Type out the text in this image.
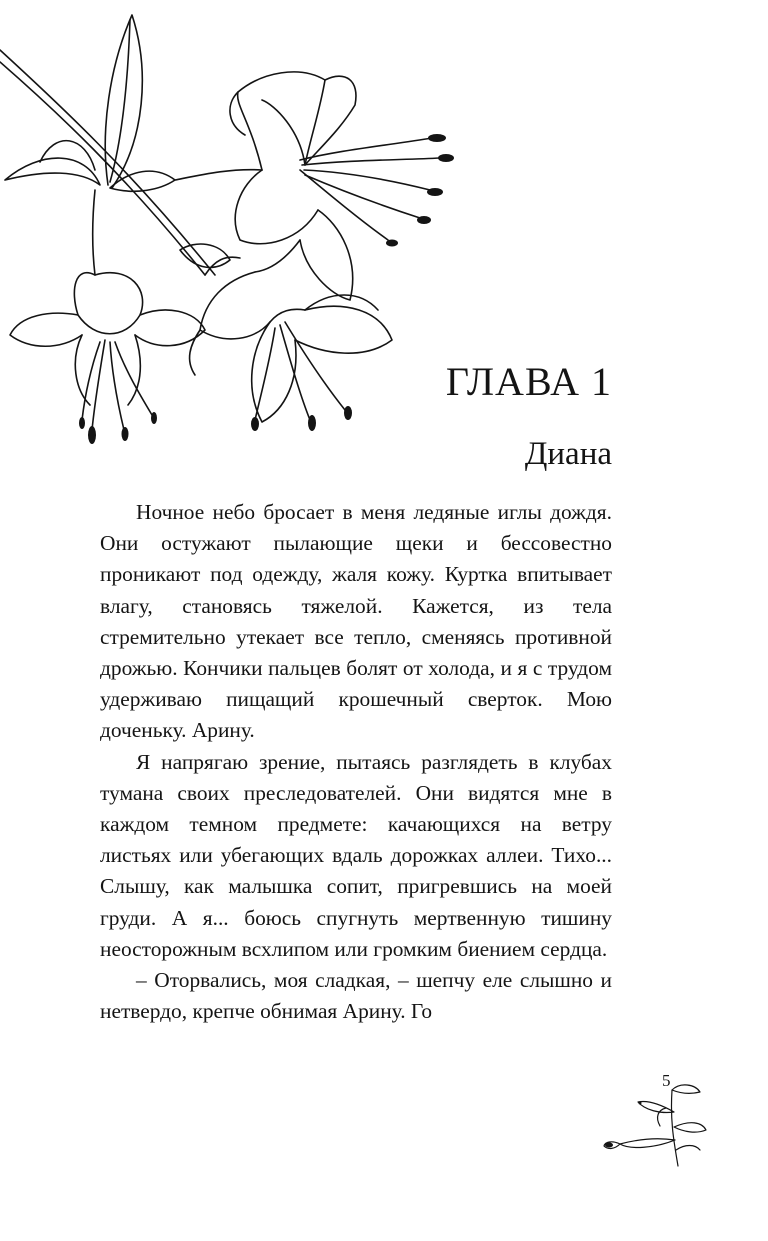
ГЛАВА 1
Диана

Ночное небо бросает в меня ледяные иглы дождя. Они остужают пылающие щеки и бессовестно проникают под одежду, жаля кожу. Куртка впитывает влагу, становясь тяжелой. Кажется, из тела стремительно утекает все тепло, сменяясь противной дрожью. Кончики пальцев болят от холода, и я с трудом удерживаю пищащий крошечный сверток. Мою доченьку. Арину.

Я напрягаю зрение, пытаясь разглядеть в клубах тумана своих преследователей. Они видятся мне в каждом темном предмете: качающихся на ветру листьях или убегающих вдаль дорожках аллеи. Тихо... Слышу, как малышка сопит, пригревшись на моей груди. А я... боюсь спугнуть мертвенную тишину неосторожным всхлипом или громким биением сердца.

– Оторвались, моя сладкая, – шепчу еле слышно и нетвердо, крепче обнимая Арину. Го

5
